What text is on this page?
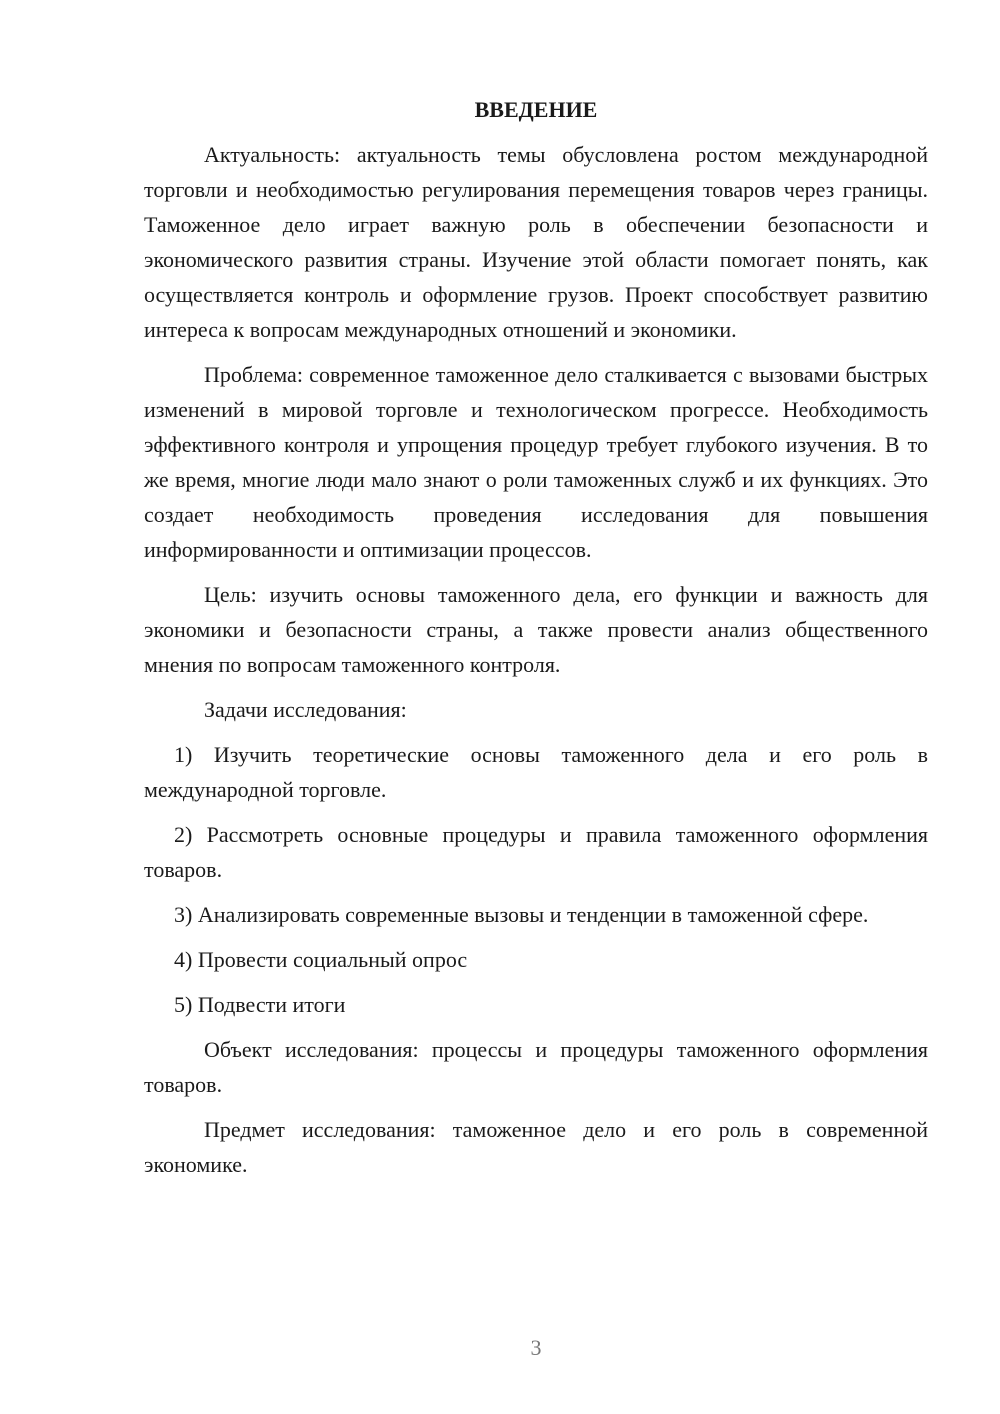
ВВЕДЕНИЕ

Актуальность: актуальность темы обусловлена ростом международной торговли и необходимостью регулирования перемещения товаров через границы. Таможенное дело играет важную роль в обеспечении безопасности и экономического развития страны. Изучение этой области помогает понять, как осуществляется контроль и оформление грузов. Проект способствует развитию интереса к вопросам международных отношений и экономики.

Проблема: современное таможенное дело сталкивается с вызовами быстрых изменений в мировой торговле и технологическом прогрессе. Необходимость эффективного контроля и упрощения процедур требует глубокого изучения. В то же время, многие люди мало знают о роли таможенных служб и их функциях. Это создает необходимость проведения исследования для повышения информированности и оптимизации процессов.

Цель: изучить основы таможенного дела, его функции и важность для экономики и безопасности страны, а также провести анализ общественного мнения по вопросам таможенного контроля.

Задачи исследования:

1) Изучить теоретические основы таможенного дела и его роль в международной торговле.

2) Рассмотреть основные процедуры и правила таможенного оформления товаров.

3) Анализировать современные вызовы и тенденции в таможенной сфере.

4) Провести социальный опрос

5) Подвести итоги

Объект исследования: процессы и процедуры таможенного оформления товаров.

Предмет исследования: таможенное дело и его роль в современной экономике.

3
